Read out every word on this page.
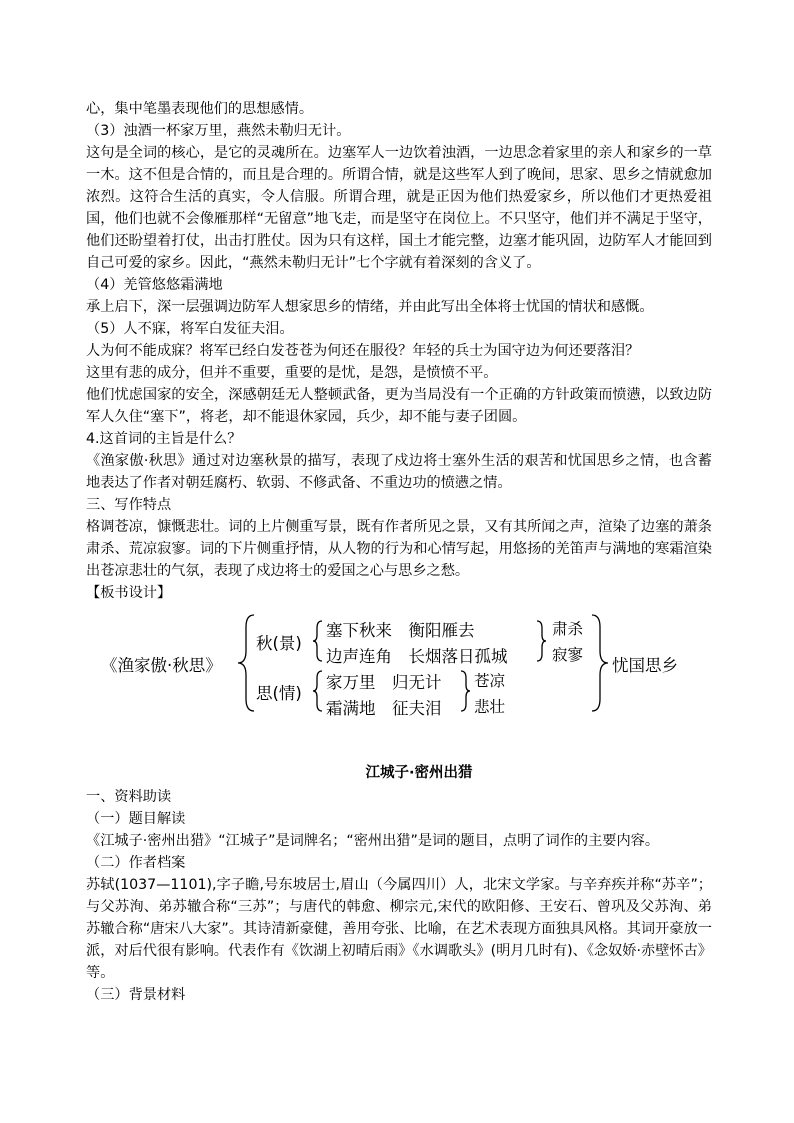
心，集中笔墨表现他们的思想感情。

（3）浊酒一杯家万里，燕然未勒归无计。

这句是全词的核心，是它的灵魂所在。边塞军人一边饮着浊酒，一边思念着家里的亲人和家乡的一草一木。这不但是合情的，而且是合理的。所谓合情，就是这些军人到了晚间，思家、思乡之情就愈加浓烈。这符合生活的真实，令人信服。所谓合理，就是正因为他们热爱家乡，所以他们才更热爱祖国，他们也就不会像雁那样“无留意”地飞走，而是坚守在岗位上。不只坚守，他们并不满足于坚守，他们还盼望着打仗，出击打胜仗。因为只有这样，国土才能完整，边塞才能巩固，边防军人才能回到自己可爱的家乡。因此，“燕然未勒归无计”七个字就有着深刻的含义了。

（4）羌管悠悠霜满地

承上启下，深一层强调边防军人想家思乡的情绪，并由此写出全体将士忧国的情状和感慨。

（5）人不寐，将军白发征夫泪。

人为何不能成寐？将军已经白发苍苍为何还在服役？年轻的兵士为国守边为何还要落泪？

这里有悲的成分，但并不重要，重要的是忧，是怨，是愤愤不平。

他们忧虑国家的安全，深感朝廷无人整顿武备，更为当局没有一个正确的方针政策而愤懑，以致边防军人久住“塞下”，将老，却不能退休家园，兵少，却不能与妻子团圆。

4.这首词的主旨是什么？

《渔家傲·秋思》通过对边塞秋景的描写，表现了戍边将士塞外生活的艰苦和忧国思乡之情，也含蓄地表达了作者对朝廷腐朽、软弱、不修武备、不重边功的愤懑之情。

三、写作特点

格调苍凉，慷慨悲壮。词的上片侧重写景，既有作者所见之景，又有其所闻之声，渲染了边塞的萧条肃杀、荒凉寂寥。词的下片侧重抒情，从人物的行为和心情写起，用悠扬的羌笛声与满地的寒霜渲染出苍凉悲壮的气氛，表现了戍边将士的爱国之心与思乡之愁。

【板书设计】

《渔家傲·秋思》
秋(景)
思(情)
塞下秋来　衡阳雁去
边声连角　长烟落日孤城
家万里　归无计
霜满地　征夫泪
肃杀
寂寥
苍凉
悲壮
忧国思乡
江城子·密州出猎

一、资料助读

（一）题目解读

《江城子·密州出猎》“江城子”是词牌名；“密州出猎”是词的题目，点明了词作的主要内容。

（二）作者档案

苏轼(1037—1101),字子瞻,号东坡居士,眉山（今属四川）人，北宋文学家。与辛弃疾并称“苏辛”；与父苏洵、弟苏辙合称“三苏”；与唐代的韩愈、柳宗元,宋代的欧阳修、王安石、曾巩及父苏洵、弟苏辙合称“唐宋八大家”。其诗清新豪健，善用夸张、比喻，在艺术表现方面独具风格。其词开豪放一派，对后代很有影响。代表作有《饮湖上初晴后雨》《水调歌头》(明月几时有)、《念奴娇·赤壁怀古》等。

（三）背景材料
